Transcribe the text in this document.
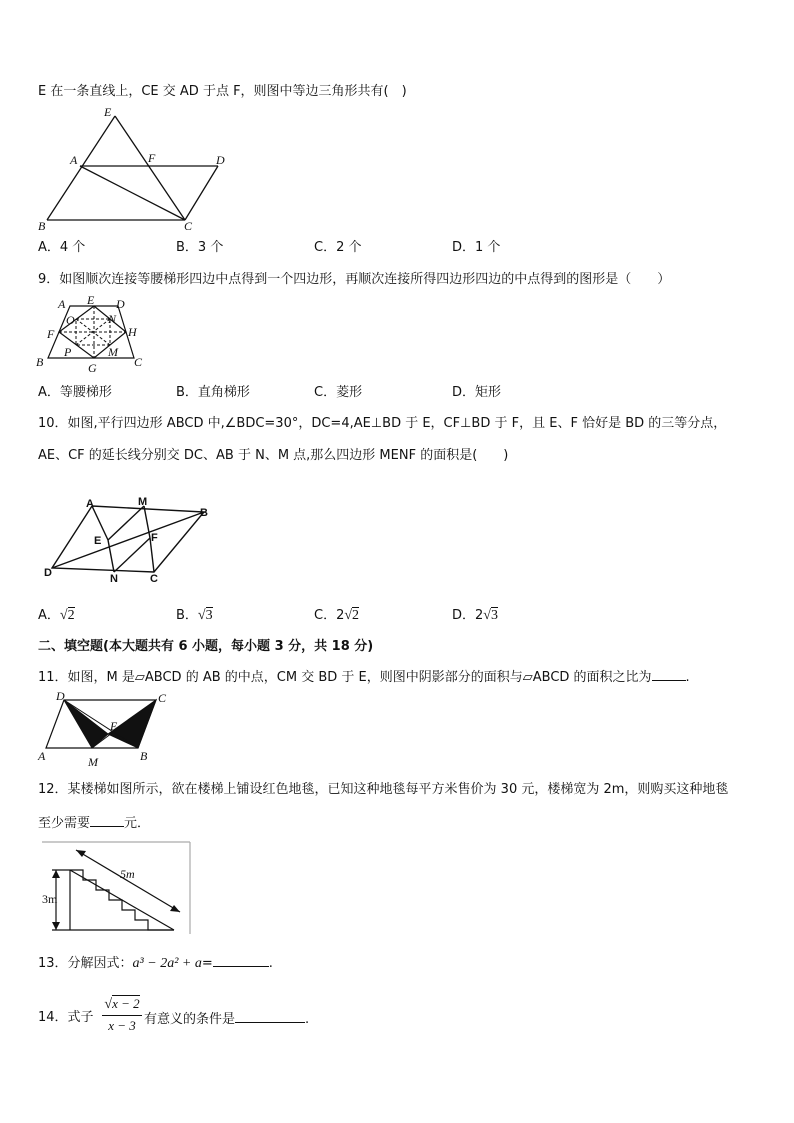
E 在一条直线上，CE 交 AD 于点 F，则图中等边三角形共有(　)
E
A	F	D
B	C
A．4 个	B．3 个	C．2 个	D．1 个
9．如图顺次连接等腰梯形四边中点得到一个四边形，再顺次连接所得四边形四边的中点得到的图形是（　　）
A E D
O	N
F	H
P	M
B	G	C
A．等腰梯形	B．直角梯形	C．菱形	D．矩形
10．如图,平行四边形 ABCD 中,∠BDC=30°，DC=4,AE⊥BD 于 E，CF⊥BD 于 F，且 E、F 恰好是 BD 的三等分点，
AE、CF 的延长线分别交 DC、AB 于 N、M 点,那么四边形 MENF 的面积是(　　)
A	M
B
E	F
D	N	C
A．√2	B．√3	C．2√2	D．2√3
二、填空题(本大题共有 6 小题，每小题 3 分，共 18 分)
11．如图，M 是▱ABCD 的 AB 的中点，CM 交 BD 于 E，则图中阴影部分的面积与▱ABCD 的面积之比为	.
D	C
E
A	M	B
12．某楼梯如图所示，欲在楼梯上铺设红色地毯，已知这种地毯每平方米售价为 30 元，楼梯宽为 2m，则购买这种地毯
至少需要	元．
5m
3m
13．分解因式：a³ − 2a² + a=	.
14．式子 $\frac{√x - 2}{x - 3}$ 有意义的条件是	.
